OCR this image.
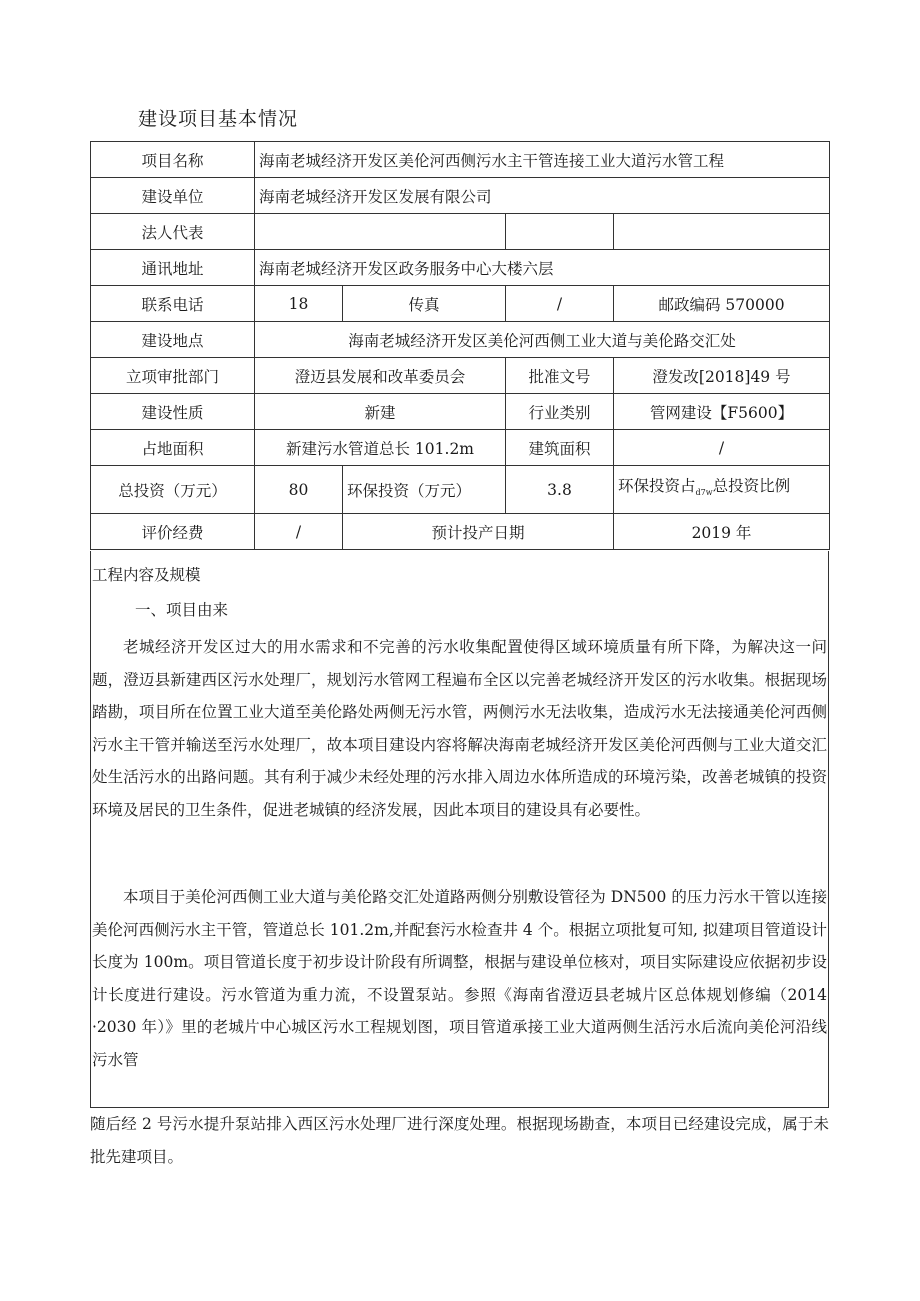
建设项目基本情况
项目名称	海南老城经济开发区美伦河西侧污水主干管连接工业大道污水管工程			
建设单位	海南老城经济开发区发展有限公司			
法人代表				
通讯地址	海南老城经济开发区政务服务中心大楼六层			
联系电话	18	传真	/	邮政编码 570000
建设地点	海南老城经济开发区美伦河西侧工业大道与美伦路交汇处			
立项审批部门	澄迈县发展和改革委员会		批准文号	澄发改[2018]49 号
建设性质	新建		行业类别	管网建设【F5600】
占地面积	新建污水管道总长 101.2m		建筑面积	/
总投资（万元）	80	环保投资（万元）	3.8	环保投资占$_{d7w}$总投资比例
评价经费	/	预计投产日期		2019 年
工程内容及规模
一、项目由来

老城经济开发区过大的用水需求和不完善的污水收集配置使得区域环境质量有所下降，为解决这一问题，澄迈县新建西区污水处理厂，规划污水管网工程遍布全区以完善老城经济开发区的污水收集。根据现场踏勘，项目所在位置工业大道至美伦路处两侧无污水管，两侧污水无法收集，造成污水无法接通美伦河西侧污水主干管并输送至污水处理厂，故本项目建设内容将解决海南老城经济开发区美伦河西侧与工业大道交汇处生活污水的出路问题。其有利于减少未经处理的污水排入周边水体所造成的环境污染，改善老城镇的投资环境及居民的卫生条件，促进老城镇的经济发展，因此本项目的建设具有必要性。

本项目于美伦河西侧工业大道与美伦路交汇处道路两侧分别敷设管径为 DN500 的压力污水干管以连接美伦河西侧污水主干管，管道总长 101.2m,并配套污水检查井 4 个。根据立项批复可知, 拟建项目管道设计长度为 100m。项目管道长度于初步设计阶段有所调整，根据与建设单位核对，项目实际建设应依据初步设计长度进行建设。污水管道为重力流，不设置泵站。参照《海南省澄迈县老城片区总体规划修编（2014 ·2030 年）》里的老城片中心城区污水工程规划图，项目管道承接工业大道两侧生活污水后流向美伦河沿线污水管

随后经 2 号污水提升泵站排入西区污水处理厂进行深度处理。根据现场勘查，本项目已经建设完成，属于未批先建项目。
